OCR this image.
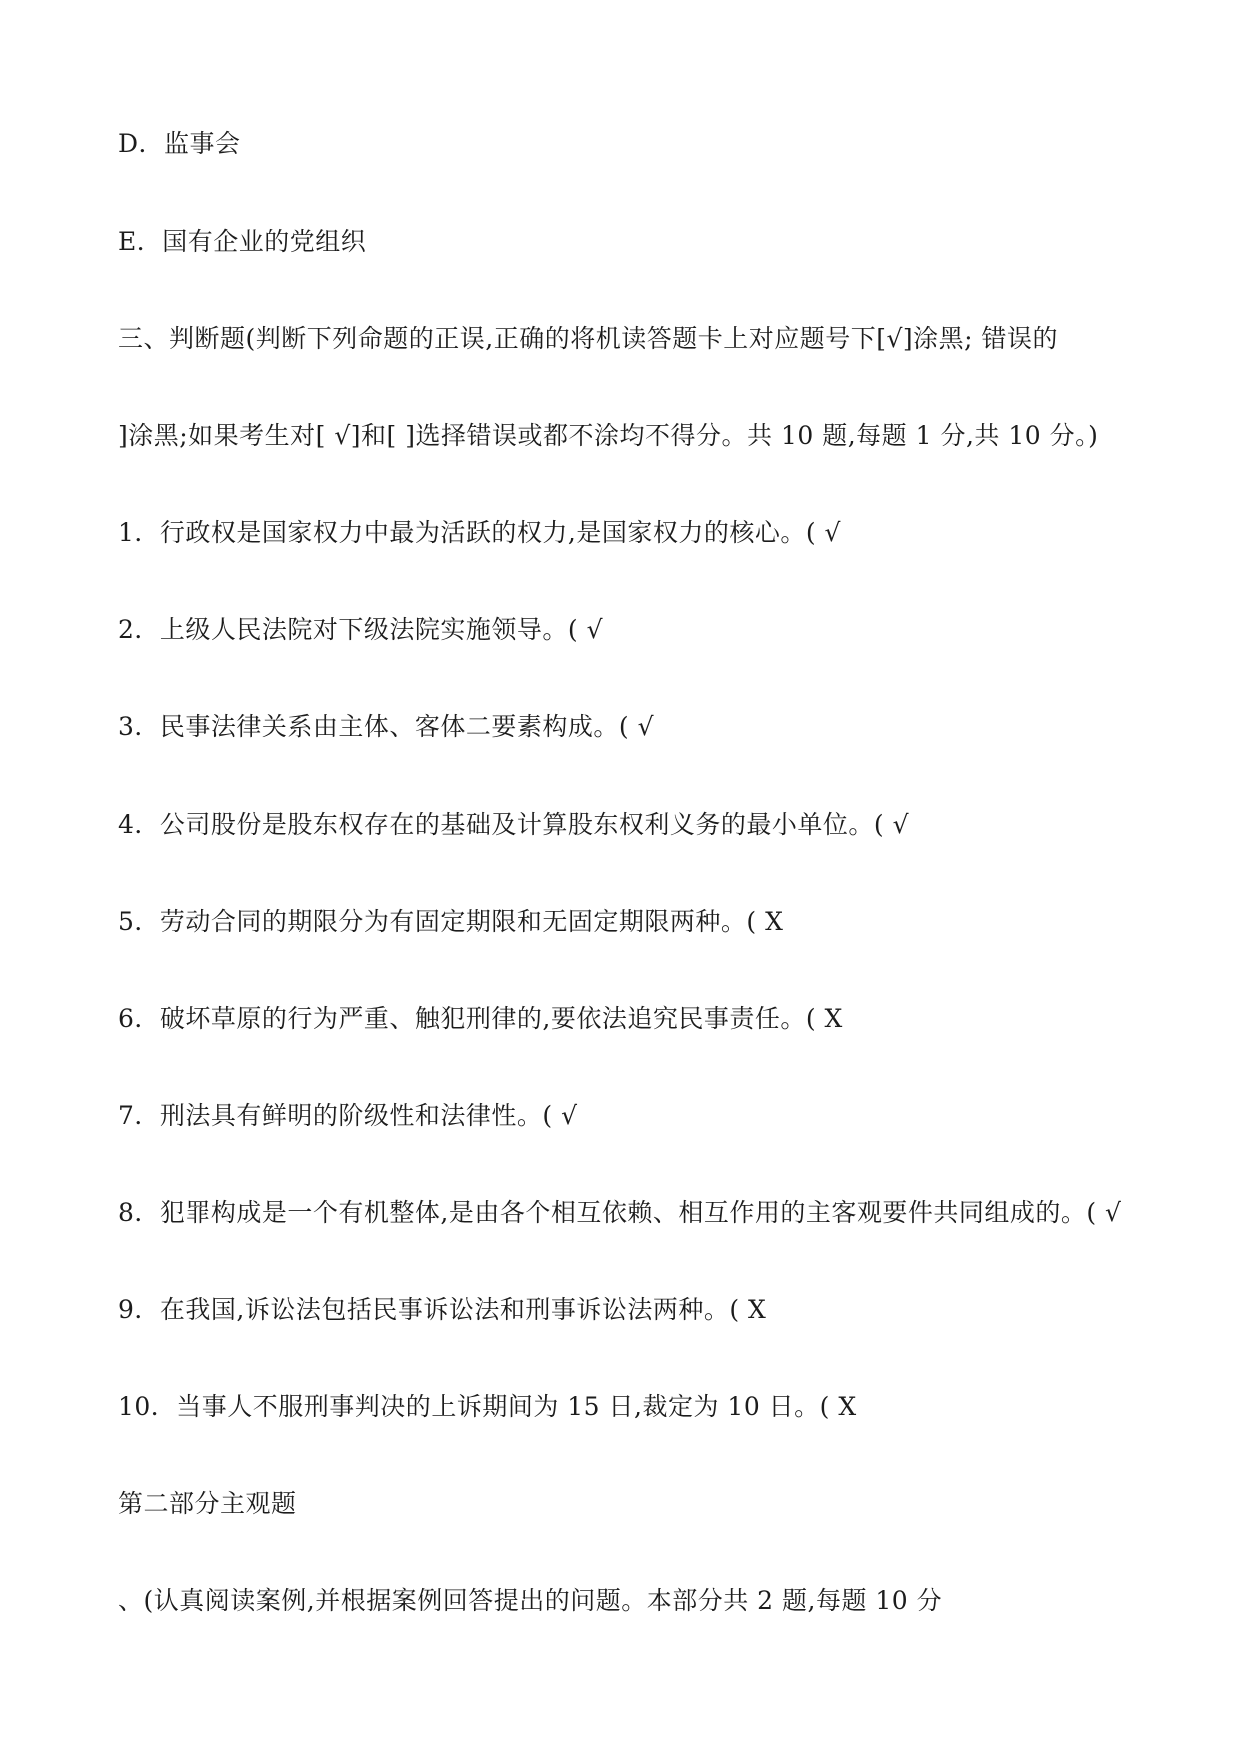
D．监事会
E．国有企业的党组织
三、判断题(判断下列命题的正误,正确的将机读答题卡上对应题号下[√]涂黑; 错误的
]涂黑;如果考生对[ √]和[ ]选择错误或都不涂均不得分。共 10 题,每题 1 分,共 10 分。)
1．行政权是国家权力中最为活跃的权力,是国家权力的核心。( √
2．上级人民法院对下级法院实施领导。( √
3．民事法律关系由主体、客体二要素构成。( √
4．公司股份是股东权存在的基础及计算股东权利义务的最小单位。( √
5．劳动合同的期限分为有固定期限和无固定期限两种。( X
6．破坏草原的行为严重、触犯刑律的,要依法追究民事责任。( X
7．刑法具有鲜明的阶级性和法律性。( √
8．犯罪构成是一个有机整体,是由各个相互依赖、相互作用的主客观要件共同组成的。( √
9．在我国,诉讼法包括民事诉讼法和刑事诉讼法两种。( X
10．当事人不服刑事判决的上诉期间为 15 日,裁定为 10 日。( X
第二部分主观题
、(认真阅读案例,并根据案例回答提出的问题。本部分共 2 题,每题 10 分
